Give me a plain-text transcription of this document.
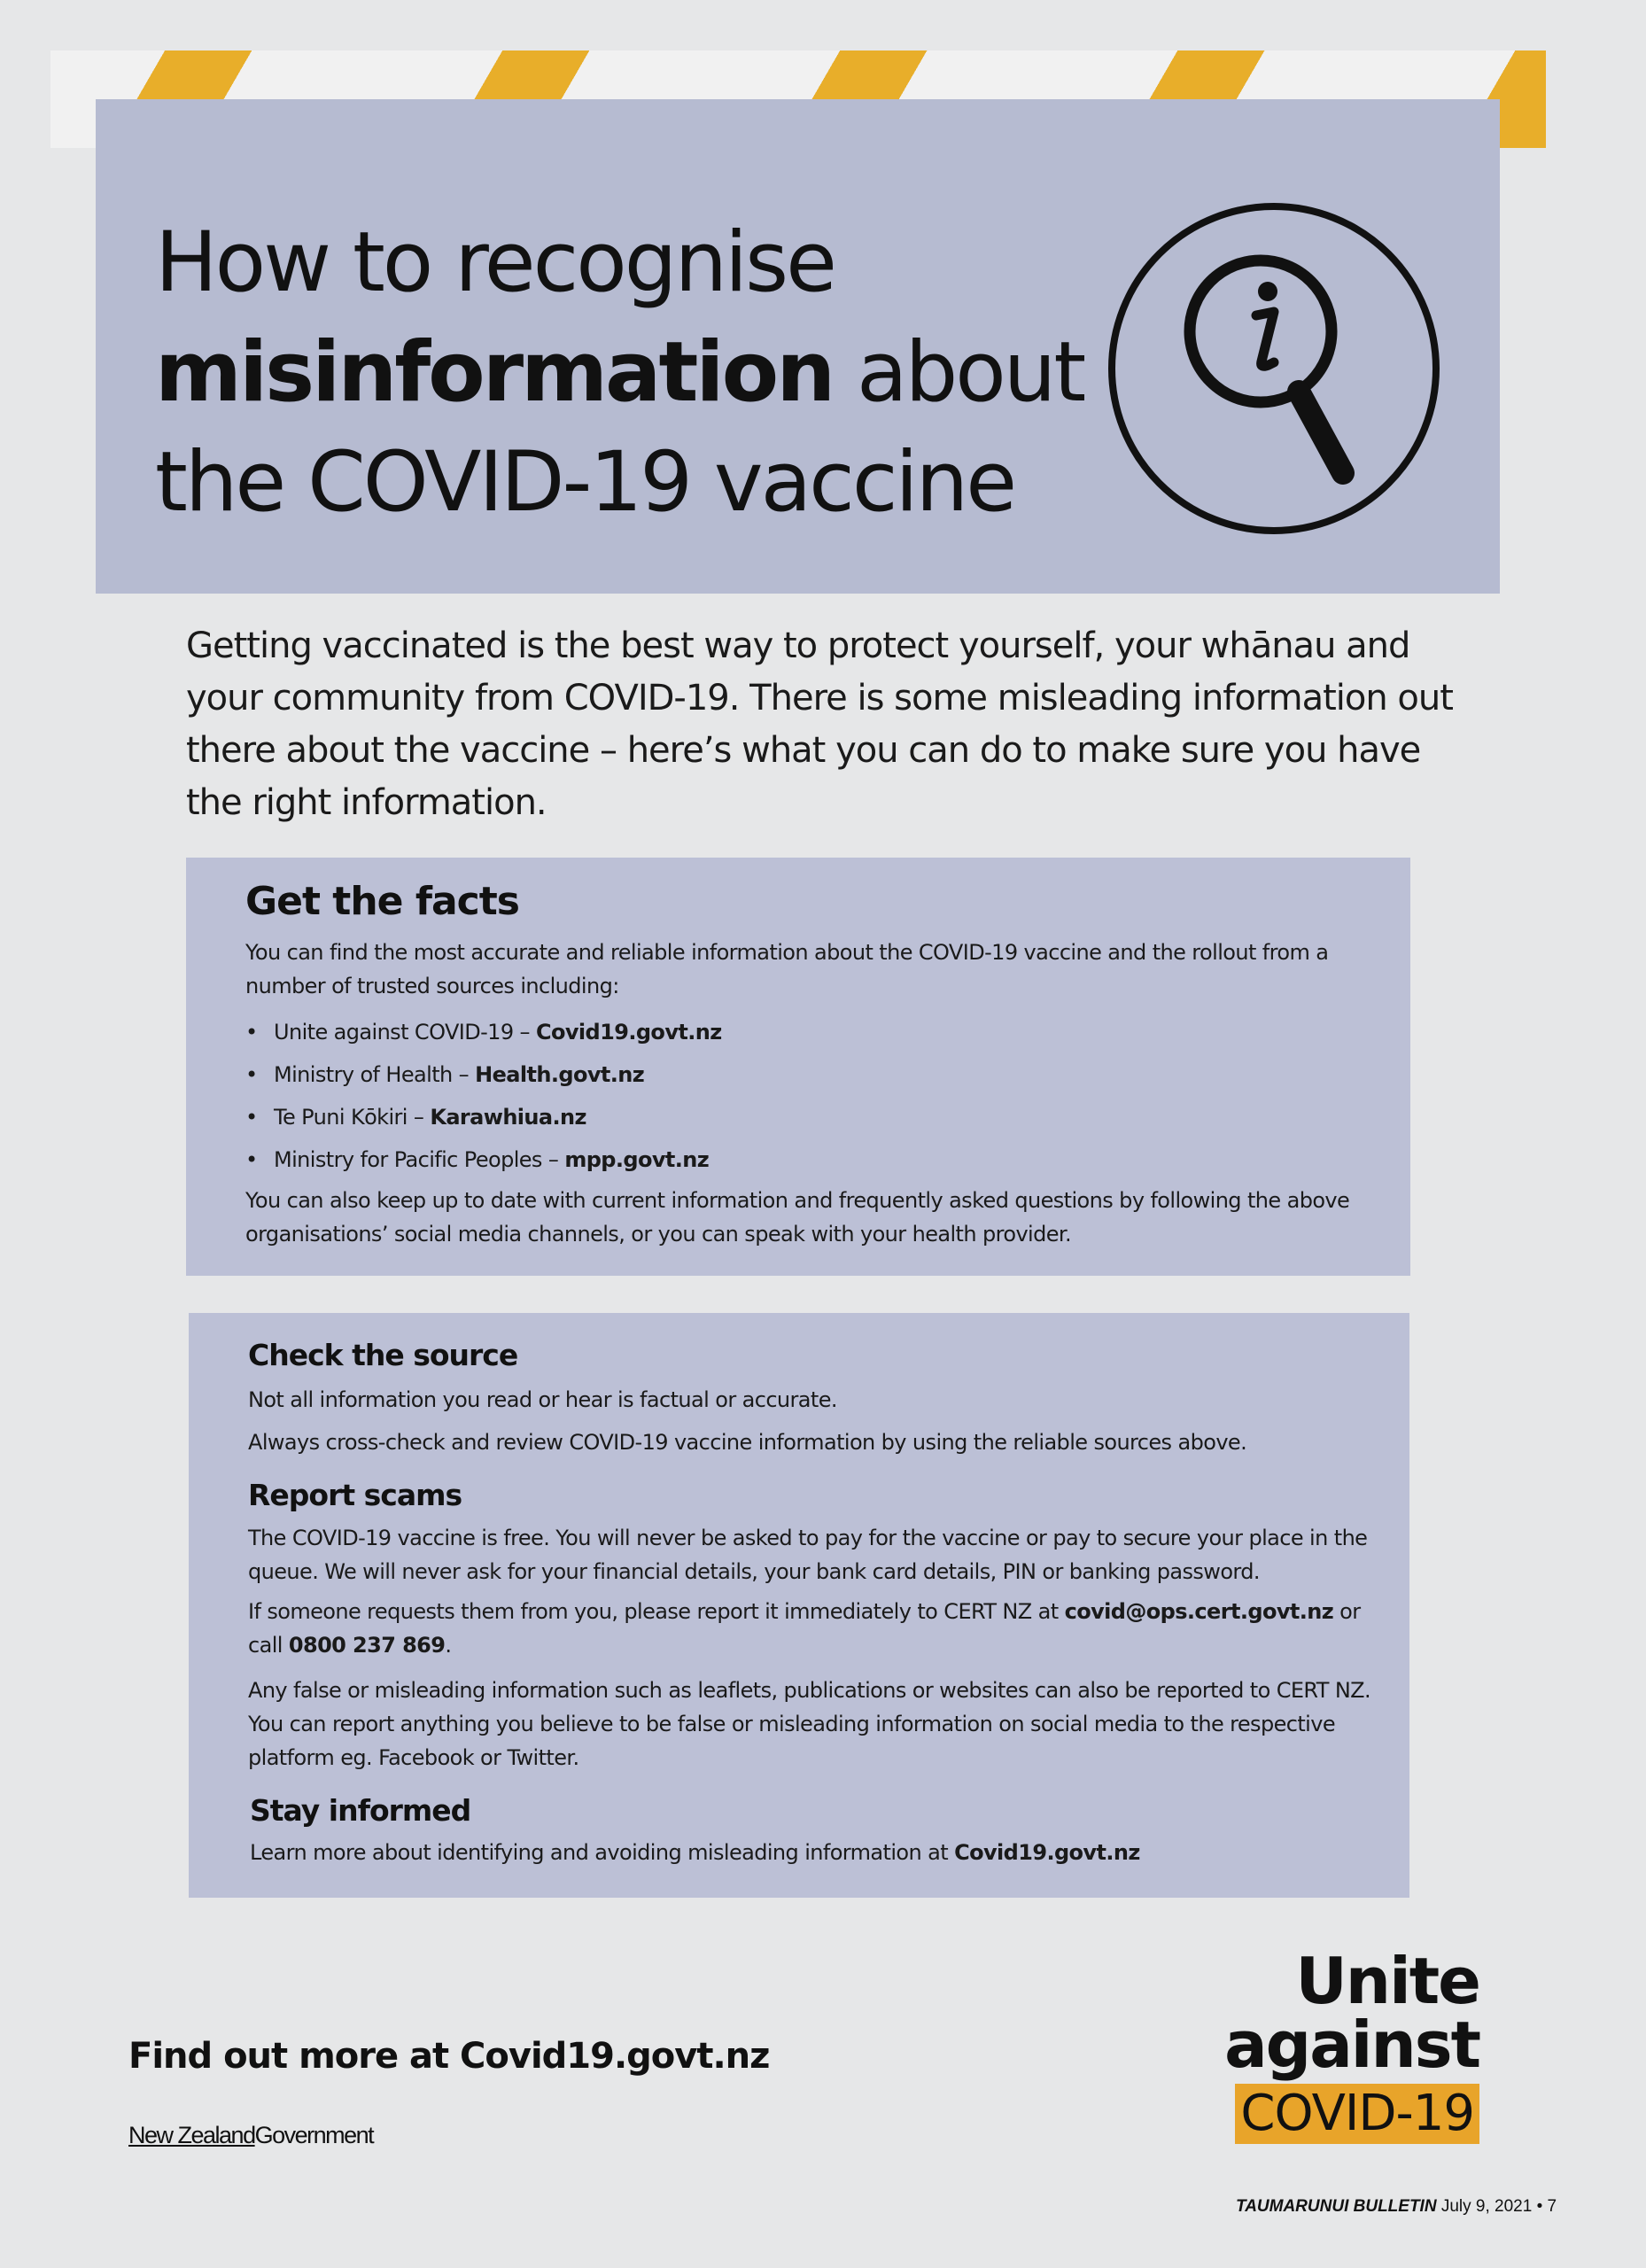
How to recognise
misinformation about
the COVID-19 vaccine

Getting vaccinated is the best way to protect yourself, your whānau and your community from COVID-19. There is some misleading information out there about the vaccine – here’s what you can do to make sure you have the right information.

Get the facts

You can find the most accurate and reliable information about the COVID-19 vaccine and the rollout from a number of trusted sources including:

• Unite against COVID-19 – Covid19.govt.nz
• Ministry of Health – Health.govt.nz
• Te Puni Kōkiri – Karawhiua.nz
• Ministry for Pacific Peoples – mpp.govt.nz

You can also keep up to date with current information and frequently asked questions by following the above organisations’ social media channels, or you can speak with your health provider.

Check the source

Not all information you read or hear is factual or accurate.

Always cross-check and review COVID-19 vaccine information by using the reliable sources above.

Report scams

The COVID-19 vaccine is free. You will never be asked to pay for the vaccine or pay to secure your place in the queue. We will never ask for your financial details, your bank card details, PIN or banking password.

If someone requests them from you, please report it immediately to CERT NZ at covid@ops.cert.govt.nz or call 0800 237 869.

Any false or misleading information such as leaflets, publications or websites can also be reported to CERT NZ. You can report anything you believe to be false or misleading information on social media to the respective platform eg. Facebook or Twitter.

Stay informed

Learn more about identifying and avoiding misleading information at Covid19.govt.nz

Find out more at Covid19.govt.nz
New ZealandGovernment
Unite
against
COVID-19
TAUMARUNUI BULLETIN July 9, 2021 • 7
